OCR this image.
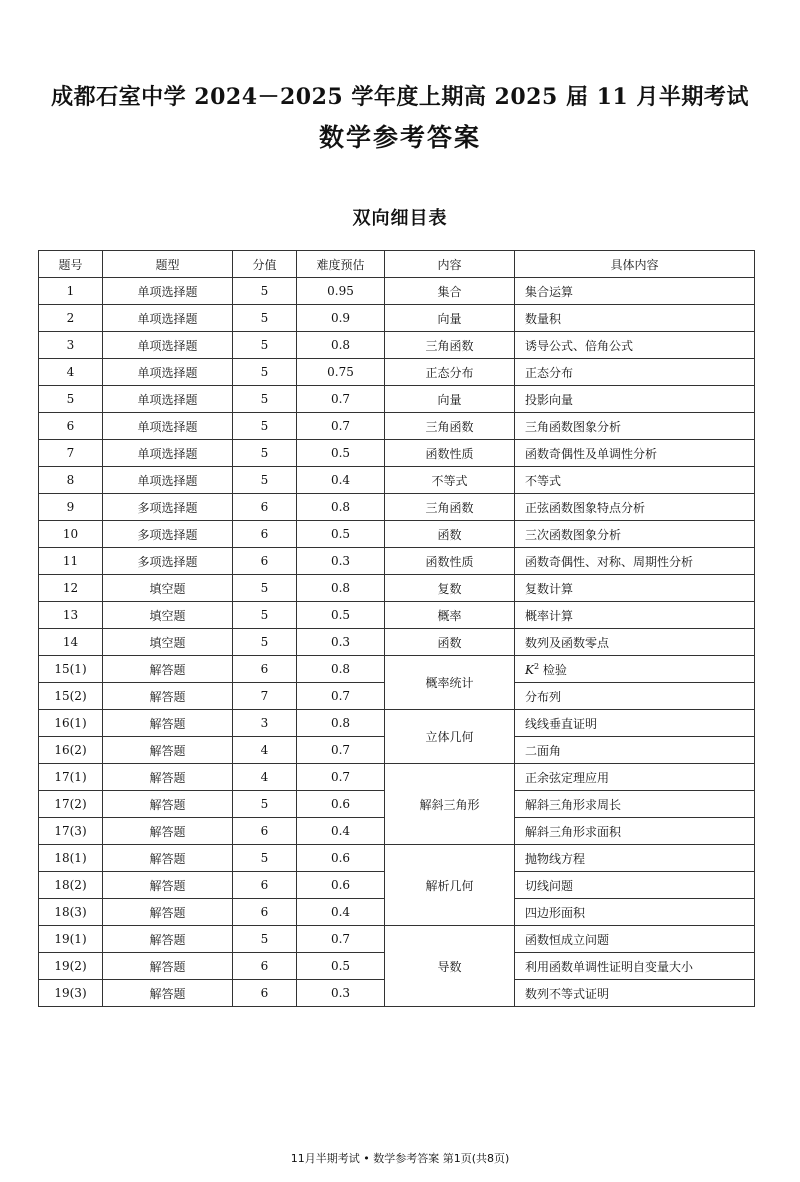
成都石室中学 2024－2025 学年度上期高 2025 届 11 月半期考试
数学参考答案
双向细目表
题号	题型	分值	难度预估	内容	具体内容
1	单项选择题	5	0.95	集合	集合运算
2	单项选择题	5	0.9	向量	数量积
3	单项选择题	5	0.8	三角函数	诱导公式、倍角公式
4	单项选择题	5	0.75	正态分布	正态分布
5	单项选择题	5	0.7	向量	投影向量
6	单项选择题	5	0.7	三角函数	三角函数图象分析
7	单项选择题	5	0.5	函数性质	函数奇偶性及单调性分析
8	单项选择题	5	0.4	不等式	不等式
9	多项选择题	6	0.8	三角函数	正弦函数图象特点分析
10	多项选择题	6	0.5	函数	三次函数图象分析
11	多项选择题	6	0.3	函数性质	函数奇偶性、对称、周期性分析
12	填空题	5	0.8	复数	复数计算
13	填空题	5	0.5	概率	概率计算
14	填空题	5	0.3	函数	数列及函数零点
15(1)	解答题	6	0.8	概率统计	$K^2$ 检验
15(2)	解答题	7	0.7		分布列
16(1)	解答题	3	0.8	立体几何	线线垂直证明
16(2)	解答题	4	0.7		二面角
17(1)	解答题	4	0.7	解斜三角形	正余弦定理应用
17(2)	解答题	5	0.6		解斜三角形求周长
17(3)	解答题	6	0.4		解斜三角形求面积
18(1)	解答题	5	0.6	解析几何	抛物线方程
18(2)	解答题	6	0.6		切线问题
18(3)	解答题	6	0.4		四边形面积
19(1)	解答题	5	0.7	导数	函数恒成立问题
19(2)	解答题	6	0.5		利用函数单调性证明自变量大小
19(3)	解答题	6	0.3		数列不等式证明
11月半期考试 • 数学参考答案 第1页(共8页)
